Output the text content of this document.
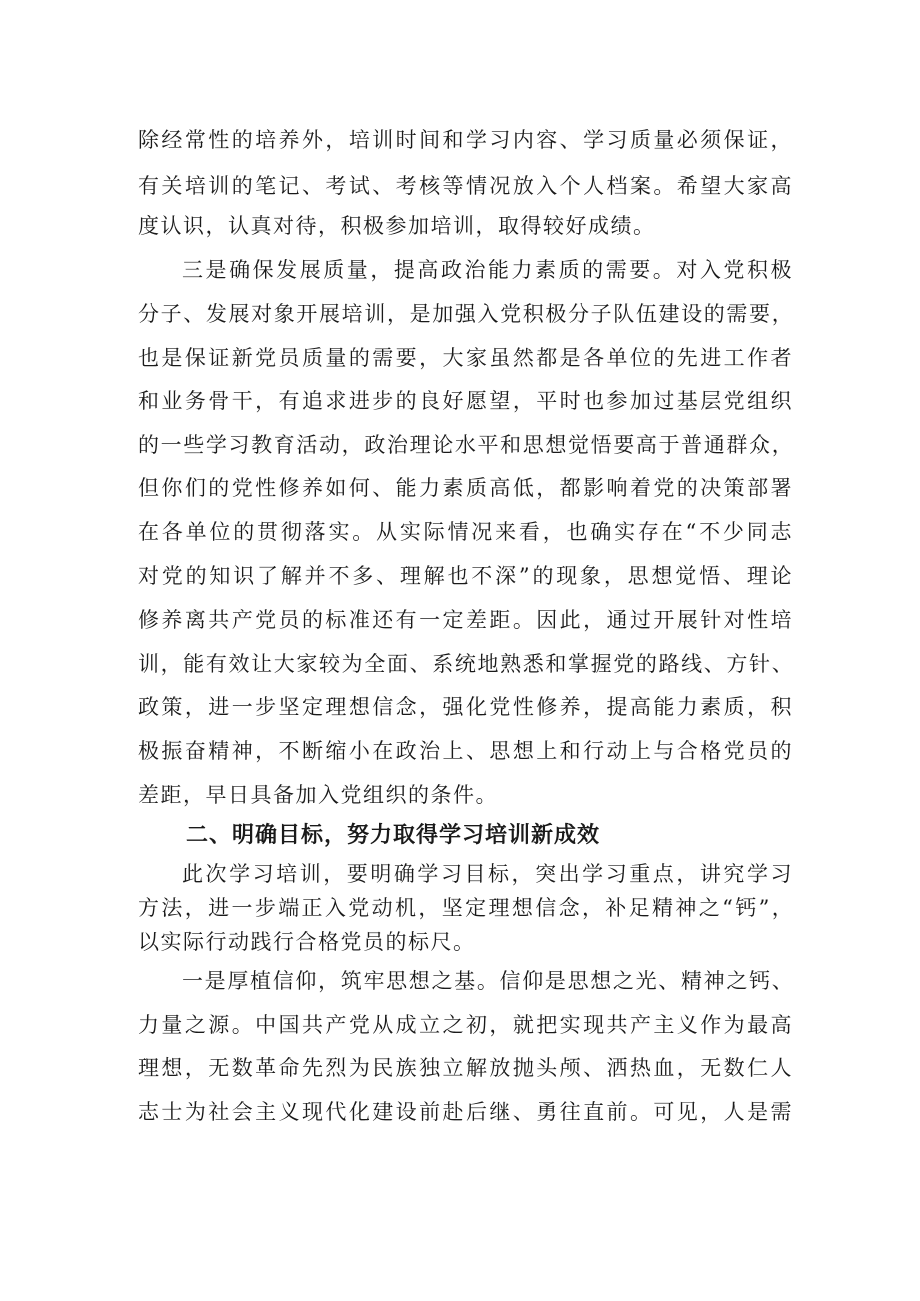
除经常性的培养外，培训时间和学习内容、学习质量必须保证，
有关培训的笔记、考试、考核等情况放入个人档案。希望大家高
度认识，认真对待，积极参加培训，取得较好成绩。
三是确保发展质量，提高政治能力素质的需要。对入党积极
分子、发展对象开展培训，是加强入党积极分子队伍建设的需要，
也是保证新党员质量的需要，大家虽然都是各单位的先进工作者
和业务骨干，有追求进步的良好愿望，平时也参加过基层党组织
的一些学习教育活动，政治理论水平和思想觉悟要高于普通群众，
但你们的党性修养如何、能力素质高低，都影响着党的决策部署
在各单位的贯彻落实。从实际情况来看，也确实存在“不少同志
对党的知识了解并不多、理解也不深”的现象，思想觉悟、理论
修养离共产党员的标准还有一定差距。因此，通过开展针对性培
训，能有效让大家较为全面、系统地熟悉和掌握党的路线、方针、
政策，进一步坚定理想信念，强化党性修养，提高能力素质，积
极振奋精神，不断缩小在政治上、思想上和行动上与合格党员的
差距，早日具备加入党组织的条件。
二、明确目标，努力取得学习培训新成效
此次学习培训，要明确学习目标，突出学习重点，讲究学习
方法，进一步端正入党动机，坚定理想信念，补足精神之“钙”，
以实际行动践行合格党员的标尺。
一是厚植信仰，筑牢思想之基。信仰是思想之光、精神之钙、
力量之源。中国共产党从成立之初，就把实现共产主义作为最高
理想，无数革命先烈为民族独立解放抛头颅、洒热血，无数仁人
志士为社会主义现代化建设前赴后继、勇往直前。可见，人是需
